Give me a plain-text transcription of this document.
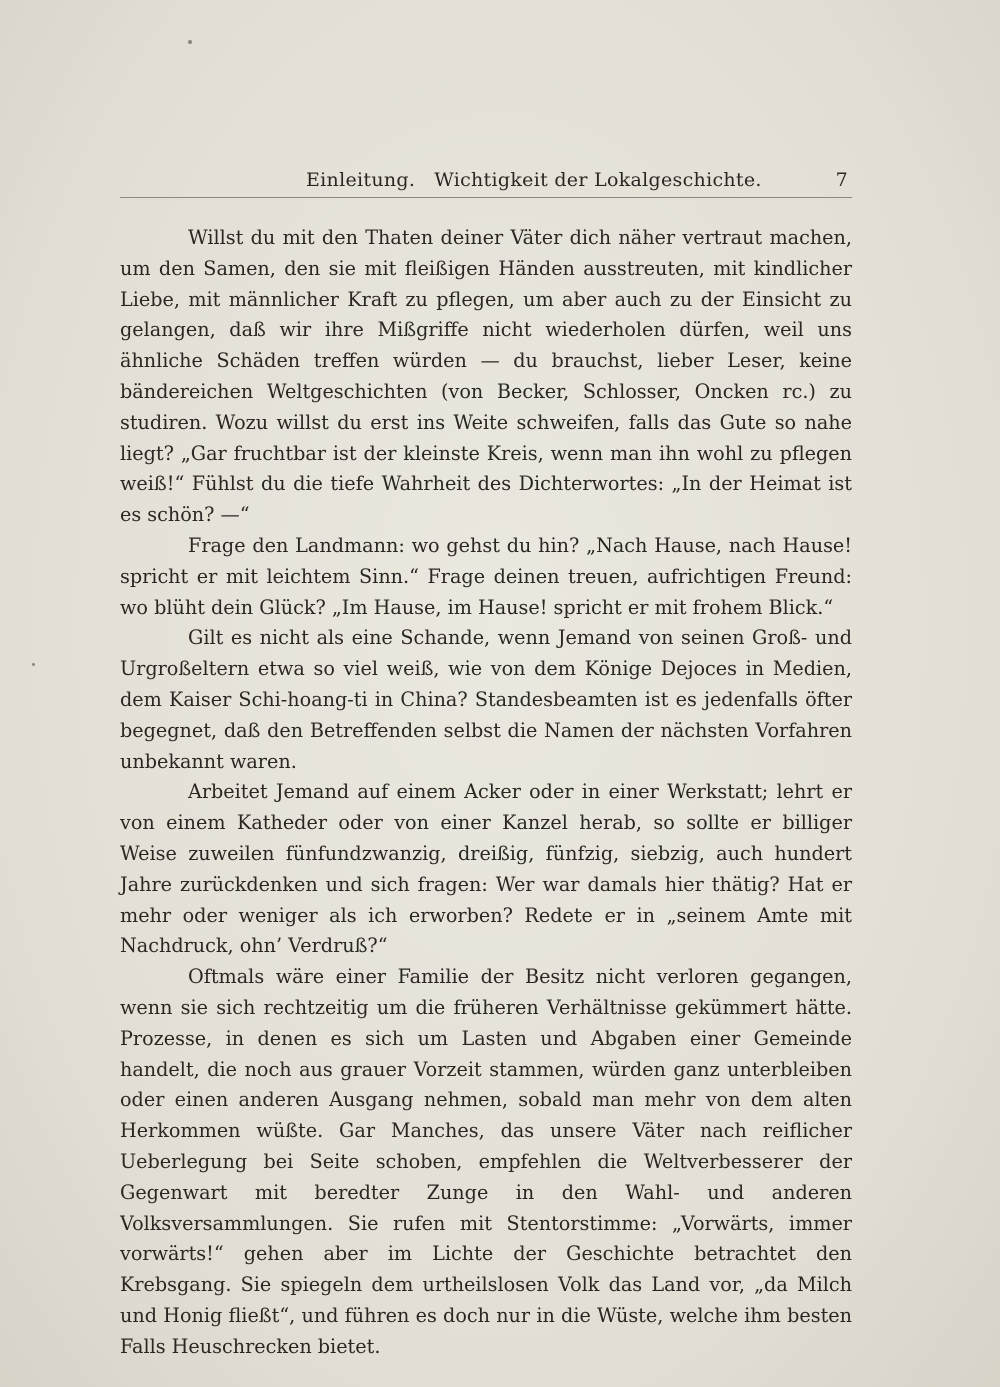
Einleitung.   Wichtigkeit der Lokalgeschichte.	7

Willst du mit den Thaten deiner Väter dich näher vertraut machen, um den Samen, den sie mit fleißigen Händen ausstreuten, mit kindlicher Liebe, mit männlicher Kraft zu pflegen, um aber auch zu der Einsicht zu gelangen, daß wir ihre Mißgriffe nicht wiederholen dürfen, weil uns ähnliche Schäden treffen würden — du brauchst, lieber Leser, keine bändereichen Weltgeschichten (von Becker, Schlosser, Oncken rc.) zu studiren. Wozu willst du erst ins Weite schweifen, falls das Gute so nahe liegt? „Gar fruchtbar ist der kleinste Kreis, wenn man ihn wohl zu pflegen weiß!“ Fühlst du die tiefe Wahrheit des Dichterwortes: „In der Heimat ist es schön? —“

Frage den Landmann: wo gehst du hin? „Nach Hause, nach Hause! spricht er mit leichtem Sinn.“ Frage deinen treuen, aufrichtigen Freund: wo blüht dein Glück? „Im Hause, im Hause! spricht er mit frohem Blick.“

Gilt es nicht als eine Schande, wenn Jemand von seinen Groß- und Urgroßeltern etwa so viel weiß, wie von dem Könige Dejoces in Medien, dem Kaiser Schi-hoang-ti in China? Standesbeamten ist es jedenfalls öfter begegnet, daß den Betreffenden selbst die Namen der nächsten Vorfahren unbekannt waren.

Arbeitet Jemand auf einem Acker oder in einer Werkstatt; lehrt er von einem Katheder oder von einer Kanzel herab, so sollte er billiger Weise zuweilen fünfundzwanzig, dreißig, fünfzig, siebzig, auch hundert Jahre zurückdenken und sich fragen: Wer war damals hier thätig? Hat er mehr oder weniger als ich erworben? Redete er in „seinem Amte mit Nachdruck, ohn’ Verdruß?“

Oftmals wäre einer Familie der Besitz nicht verloren gegangen, wenn sie sich rechtzeitig um die früheren Verhältnisse gekümmert hätte. Prozesse, in denen es sich um Lasten und Abgaben einer Gemeinde handelt, die noch aus grauer Vorzeit stammen, würden ganz unterbleiben oder einen anderen Ausgang nehmen, sobald man mehr von dem alten Herkommen wüßte. Gar Manches, das unsere Väter nach reiflicher Ueberlegung bei Seite schoben, empfehlen die Weltverbesserer der Gegenwart mit beredter Zunge in den Wahl- und anderen Volksversammlungen. Sie rufen mit Stentorstimme: „Vorwärts, immer vorwärts!“ gehen aber im Lichte der Geschichte betrachtet den Krebsgang. Sie spiegeln dem urtheilslosen Volk das Land vor, „da Milch und Honig fließt“, und führen es doch nur in die Wüste, welche ihm besten Falls Heuschrecken bietet.
